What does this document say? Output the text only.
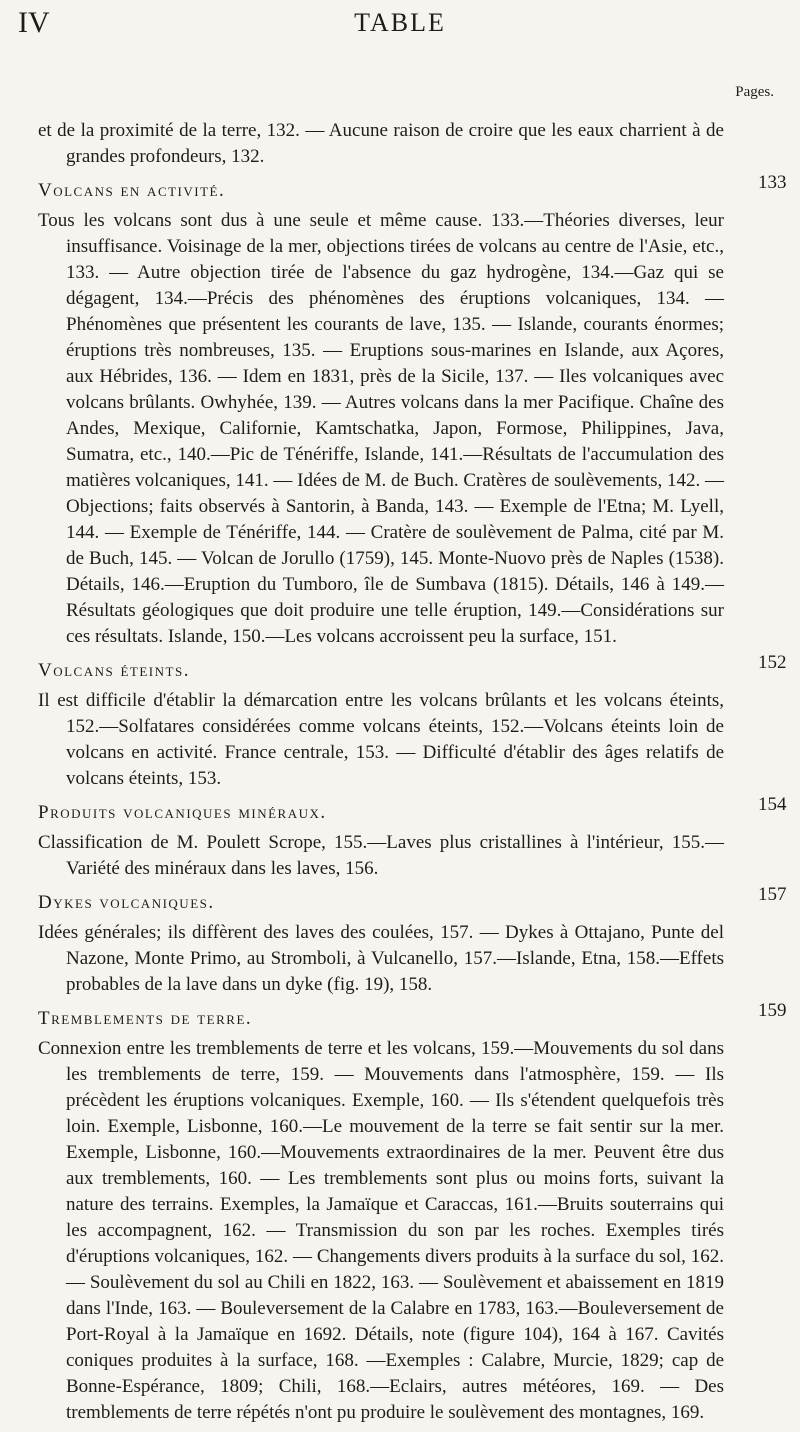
IV	TABLE
Pages.

et de la proximité de la terre, 132. — Aucune raison de croire que les eaux charrient à de grandes profondeurs, 132.

Volcans en activité.	133

Tous les volcans sont dus à une seule et même cause. 133.—Théories diverses, leur insuffisance. Voisinage de la mer, objections tirées de volcans au centre de l'Asie, etc., 133. — Autre objection tirée de l'absence du gaz hydrogène, 134.—Gaz qui se dégagent, 134.—Précis des phénomènes des éruptions volcaniques, 134. — Phénomènes que présentent les courants de lave, 135. — Islande, courants énormes; éruptions très nombreuses, 135. — Eruptions sous-marines en Islande, aux Açores, aux Hébrides, 136. — Idem en 1831, près de la Sicile, 137. — Iles volcaniques avec volcans brûlants. Owhyhée, 139. — Autres volcans dans la mer Pacifique. Chaîne des Andes, Mexique, Californie, Kamtschatka, Japon, Formose, Philippines, Java, Sumatra, etc., 140.—Pic de Ténériffe, Islande, 141.—Résultats de l'accumulation des matières volcaniques, 141. — Idées de M. de Buch. Cratères de soulèvements, 142. — Objections; faits observés à Santorin, à Banda, 143. — Exemple de l'Etna; M. Lyell, 144. — Exemple de Ténériffe, 144. — Cratère de soulèvement de Palma, cité par M. de Buch, 145. — Volcan de Jorullo (1759), 145. Monte-Nuovo près de Naples (1538). Détails, 146.—Eruption du Tumboro, île de Sumbava (1815). Détails, 146 à 149.—Résultats géologiques que doit produire une telle éruption, 149.—Considérations sur ces résultats. Islande, 150.—Les volcans accroissent peu la surface, 151.

Volcans éteints.	152

Il est difficile d'établir la démarcation entre les volcans brûlants et les volcans éteints, 152.—Solfatares considérées comme volcans éteints, 152.—Volcans éteints loin de volcans en activité. France centrale, 153. — Difficulté d'établir des âges relatifs de volcans éteints, 153.

Produits volcaniques minéraux.	154

Classification de M. Poulett Scrope, 155.—Laves plus cristallines à l'intérieur, 155.—Variété des minéraux dans les laves, 156.

Dykes volcaniques.	157

Idées générales; ils diffèrent des laves des coulées, 157. — Dykes à Ottajano, Punte del Nazone, Monte Primo, au Stromboli, à Vulcanello, 157.—Islande, Etna, 158.—Effets probables de la lave dans un dyke (fig. 19), 158.

Tremblements de terre.	159

Connexion entre les tremblements de terre et les volcans, 159.—Mouvements du sol dans les tremblements de terre, 159. — Mouvements dans l'atmosphère, 159. — Ils précèdent les éruptions volcaniques. Exemple, 160. — Ils s'étendent quelquefois très loin. Exemple, Lisbonne, 160.—Le mouvement de la terre se fait sentir sur la mer. Exemple, Lisbonne, 160.—Mouvements extraordinaires de la mer. Peuvent être dus aux tremblements, 160. — Les tremblements sont plus ou moins forts, suivant la nature des terrains. Exemples, la Jamaïque et Caraccas, 161.—Bruits souterrains qui les accompagnent, 162. — Transmission du son par les roches. Exemples tirés d'éruptions volcaniques, 162. — Changements divers produits à la surface du sol, 162. — Soulèvement du sol au Chili en 1822, 163. — Soulèvement et abaissement en 1819 dans l'Inde, 163. — Bouleversement de la Calabre en 1783, 163.—Bouleversement de Port-Royal à la Jamaïque en 1692. Détails, note (figure 104), 164 à 167. Cavités coniques produites à la surface, 168. —Exemples : Calabre, Murcie, 1829; cap de Bonne-Espérance, 1809; Chili, 168.—Eclairs, autres météores, 169. — Des tremblements de terre répétés n'ont pu produire le soulèvement des montagnes, 169.
